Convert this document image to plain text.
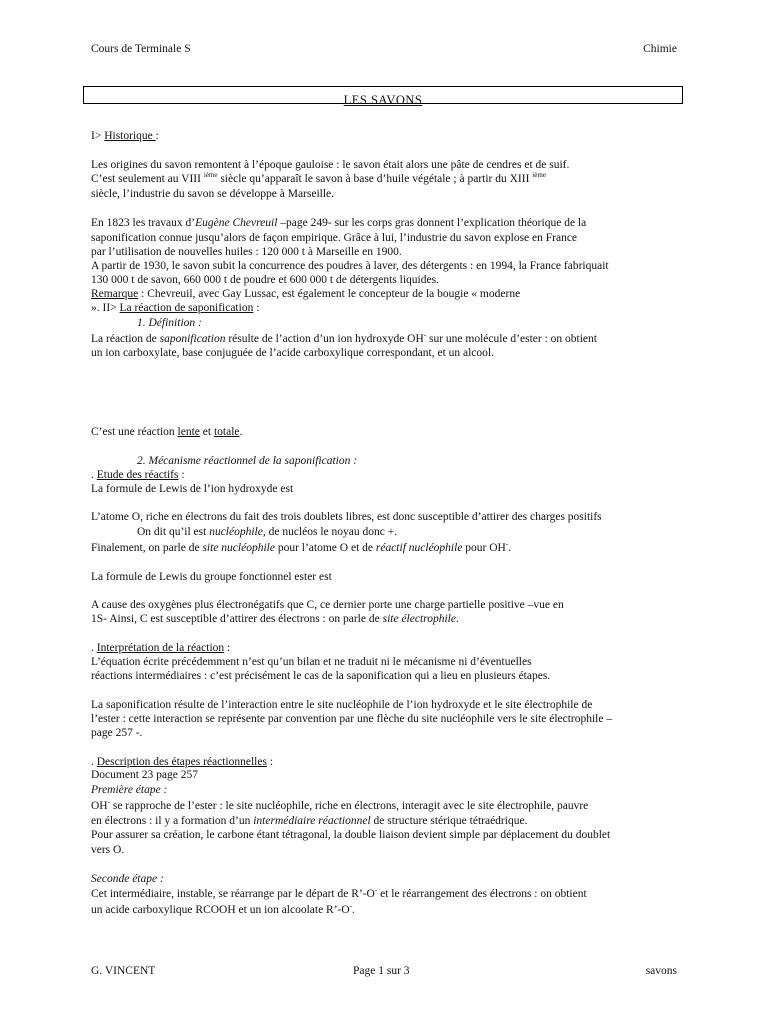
Cours de Terminale S	Chimie
LES SAVONS
I> Historique :
Les origines du savon remontent à l’époque gauloise : le savon était alors une pâte de cendres et de suif.
C’est seulement au VIII $^{ième}$ siècle qu’apparaît le savon à base d’huile végétale ; à partir du XIII $^{ième}$
siècle, l’industrie du savon se développe à Marseille.
En 1823 les travaux d’Eugène Chevreuil –page 249- sur les corps gras donnent l’explication théorique de la
saponification connue jusqu’alors de façon empirique. Grâce à lui, l’industrie du savon explose en France
par l’utilisation de nouvelles huiles : 120 000 t à Marseille en 1900.
A partir de 1930, le savon subit la concurrence des poudres à laver, des détergents : en 1994, la France fabriquait
130 000 t de savon, 660 000 t de poudre et 600 000 t de détergents liquides.
Remarque : Chevreuil, avec Gay Lussac, est également le concepteur de la bougie « moderne
». II> La réaction de saponification :
1. Définition :
La réaction de saponification résulte de l’action d’un ion hydroxyde OH- sur une molécule d’ester : on obtient
un ion carboxylate, base conjuguée de l’acide carboxylique correspondant, et un alcool.
C’est une réaction lente et totale.
2. Mécanisme réactionnel de la saponification :
. Etude des réactifs :
La formule de Lewis de l’ion hydroxyde est
L’atome O, riche en électrons du fait des trois doublets libres, est donc susceptible d’attirer des charges positifs
On dit qu’il est nucléophile, de nucléos le noyau donc +.
Finalement, on parle de site nucléophile pour l’atome O et de réactif nucléophile pour OH-.
La formule de Lewis du groupe fonctionnel ester est
A cause des oxygènes plus électronégatifs que C, ce dernier porte une charge partielle positive –vue en
1S- Ainsi, C est susceptible d’attirer des électrons : on parle de site électrophile.
. Interprétation de la réaction :
L’équation écrite précédemment n’est qu’un bilan et ne traduit ni le mécanisme ni d’éventuelles
réactions intermédiaires : c’est précisément le cas de la saponification qui a lieu en plusieurs étapes.
La saponification résulte de l’interaction entre le site nucléophile de l’ion hydroxyde et le site électrophile de
l’ester : cette interaction se représente par convention par une flèche du site nucléophile vers le site électrophile –
page 257 -.
. Description des étapes réactionnelles :
Document 23 page 257
Première étape :
OH- se rapproche de l’ester : le site nucléophile, riche en électrons, interagit avec le site électrophile, pauvre
en électrons : il y a formation d’un intermédiaire réactionnel de structure stérique tétraédrique.
Pour assurer sa création, le carbone étant tétragonal, la double liaison devient simple par déplacement du doublet
vers O.
Seconde étape :
Cet intermédiaire, instable, se réarrange par le départ de R’-O- et le réarrangement des électrons : on obtient
un acide carboxylique RCOOH et un ion alcoolate R’-O-.
G. VINCENT	Page 1 sur 3	savons
